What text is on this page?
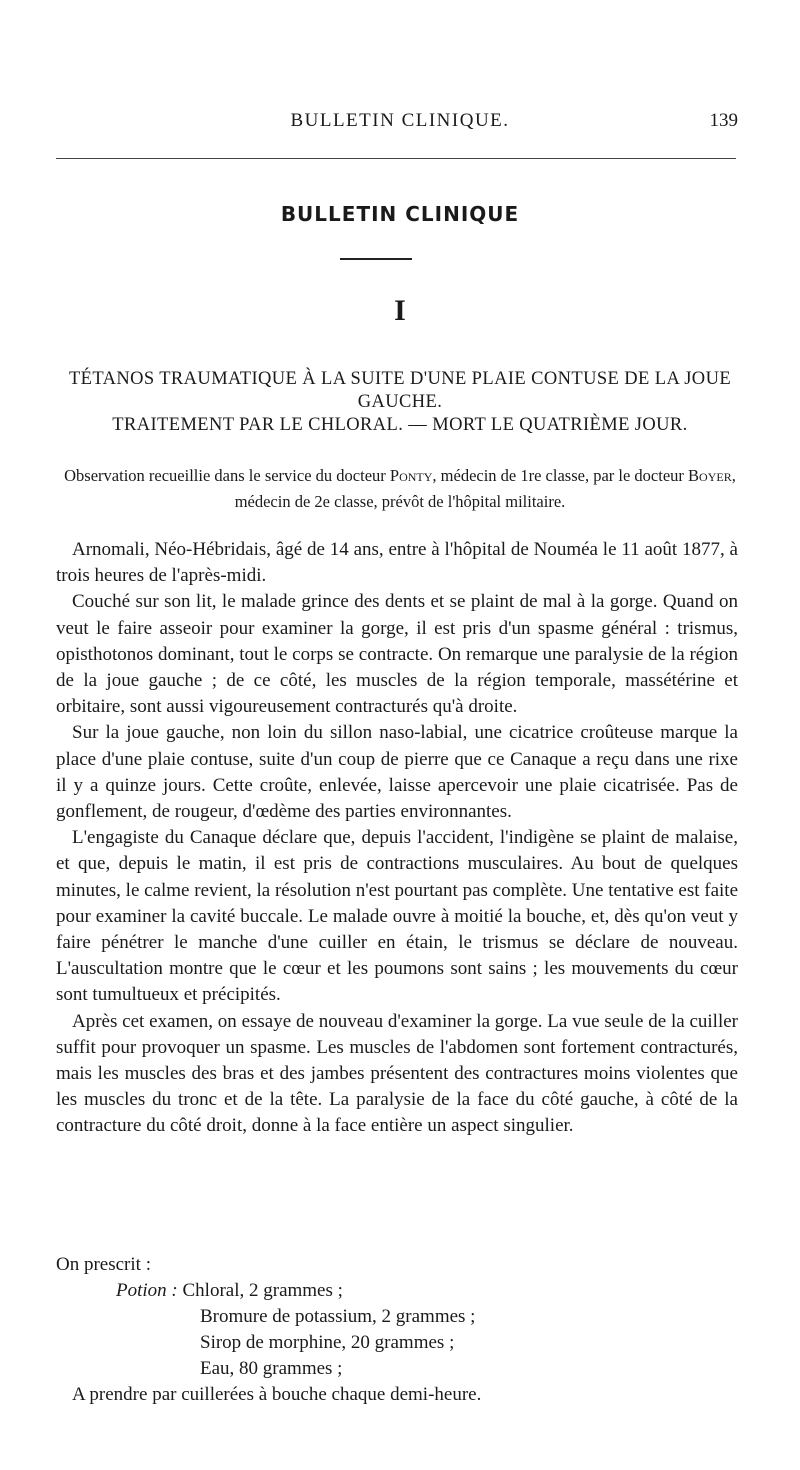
BULLETIN CLINIQUE.	139
BULLETIN CLINIQUE
I
TÉTANOS TRAUMATIQUE À LA SUITE D'UNE PLAIE CONTUSE DE LA JOUE GAUCHE.
TRAITEMENT PAR LE CHLORAL. — MORT LE QUATRIÈME JOUR.
Observation recueillie dans le service du docteur Ponty, médecin de 1re classe, par le docteur Boyer, médecin de 2e classe, prévôt de l'hôpital militaire.

Arnomali, Néo-Hébridais, âgé de 14 ans, entre à l'hôpital de Nouméa le 11 août 1877, à trois heures de l'après-midi.

Couché sur son lit, le malade grince des dents et se plaint de mal à la gorge. Quand on veut le faire asseoir pour examiner la gorge, il est pris d'un spasme général : trismus, opisthotonos dominant, tout le corps se contracte. On remarque une paralysie de la région de la joue gauche ; de ce côté, les muscles de la région temporale, massétérine et orbitaire, sont aussi vigoureusement contracturés qu'à droite.

Sur la joue gauche, non loin du sillon naso-labial, une cicatrice croûteuse marque la place d'une plaie contuse, suite d'un coup de pierre que ce Canaque a reçu dans une rixe il y a quinze jours. Cette croûte, enlevée, laisse apercevoir une plaie cicatrisée. Pas de gonflement, de rougeur, d'œdème des parties environnantes.

L'engagiste du Canaque déclare que, depuis l'accident, l'indigène se plaint de malaise, et que, depuis le matin, il est pris de contractions musculaires. Au bout de quelques minutes, le calme revient, la résolution n'est pourtant pas complète. Une tentative est faite pour examiner la cavité buccale. Le malade ouvre à moitié la bouche, et, dès qu'on veut y faire pénétrer le manche d'une cuiller en étain, le trismus se déclare de nouveau. L'auscultation montre que le cœur et les poumons sont sains ; les mouvements du cœur sont tumultueux et précipités.

Après cet examen, on essaye de nouveau d'examiner la gorge. La vue seule de la cuiller suffit pour provoquer un spasme. Les muscles de l'abdomen sont fortement contracturés, mais les muscles des bras et des jambes présentent des contractures moins violentes que les muscles du tronc et de la tête. La paralysie de la face du côté gauche, à côté de la contracture du côté droit, donne à la face entière un aspect singulier.

On prescrit :
Potion : Chloral, 2 grammes ;
Bromure de potassium, 2 grammes ;
Sirop de morphine, 20 grammes ;
Eau, 80 grammes ;
A prendre par cuillerées à bouche chaque demi-heure.
